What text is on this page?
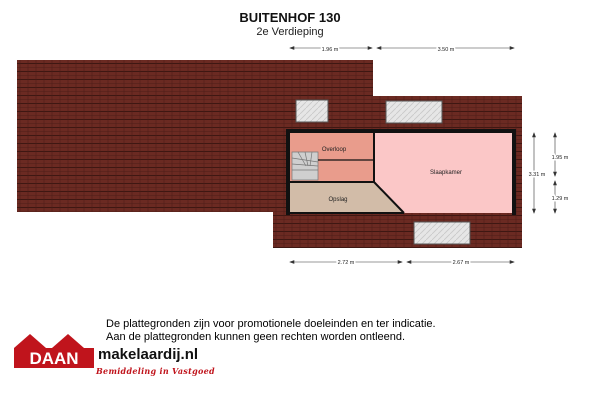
BUITENHOF 130
2e Verdieping
Overloop
Slaapkamer
Opslag
1.96 m	3.50 m
2.72 m	2.67 m
3.31 m
1.95 m
1.29 m
DAAN makelaardij.nl
Bemiddeling in Vastgoed
De plattegronden zijn voor promotionele doeleinden en ter indicatie.
Aan de plattegronden kunnen geen rechten worden ontleend.
